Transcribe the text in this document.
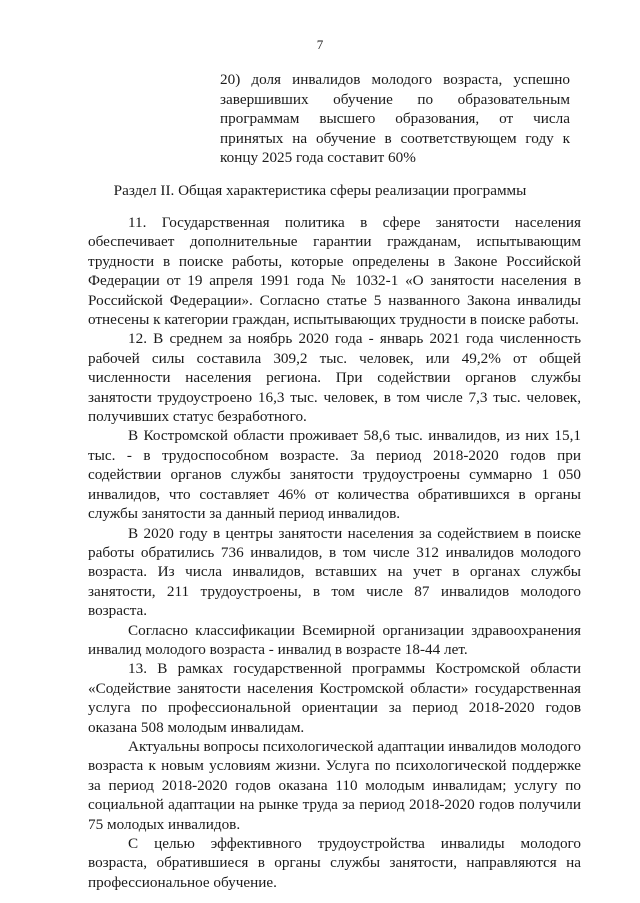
7

20) доля инвалидов молодого возраста, успешно завершивших обучение по образовательным программам высшего образования, от числа принятых на обучение в соответствующем году к концу 2025 года составит 60%

Раздел II. Общая характеристика сферы реализации программы

11. Государственная политика в сфере занятости населения обеспечивает дополнительные гарантии гражданам, испытывающим трудности в поиске работы, которые определены в Законе Российской Федерации от 19 апреля 1991 года № 1032-1 «О занятости населения в Российской Федерации». Согласно статье 5 названного Закона инвалиды отнесены к категории граждан, испытывающих трудности в поиске работы.

12. В среднем за ноябрь 2020 года - январь 2021 года численность рабочей силы составила 309,2 тыс. человек, или 49,2% от общей численности населения региона. При содействии органов службы занятости трудоустроено 16,3 тыс. человек, в том числе 7,3 тыс. человек, получивших статус безработного.

В Костромской области проживает 58,6 тыс. инвалидов, из них 15,1 тыс. - в трудоспособном возрасте. За период 2018-2020 годов при содействии органов службы занятости трудоустроены суммарно 1 050 инвалидов, что составляет 46% от количества обратившихся в органы службы занятости за данный период инвалидов.

В 2020 году в центры занятости населения за содействием в поиске работы обратились 736 инвалидов, в том числе 312 инвалидов молодого возраста. Из числа инвалидов, вставших на учет в органах службы занятости, 211 трудоустроены, в том числе 87 инвалидов молодого возраста.

Согласно классификации Всемирной организации здравоохранения инвалид молодого возраста - инвалид в возрасте 18-44 лет.

13. В рамках государственной программы Костромской области «Содействие занятости населения Костромской области» государственная услуга по профессиональной ориентации за период 2018-2020 годов оказана 508 молодым инвалидам.

Актуальны вопросы психологической адаптации инвалидов молодого возраста к новым условиям жизни. Услуга по психологической поддержке за период 2018-2020 годов оказана 110 молодым инвалидам; услугу по социальной адаптации на рынке труда за период 2018-2020 годов получили 75 молодых инвалидов.

С целью эффективного трудоустройства инвалиды молодого возраста, обратившиеся в органы службы занятости, направляются на профессиональное обучение.
